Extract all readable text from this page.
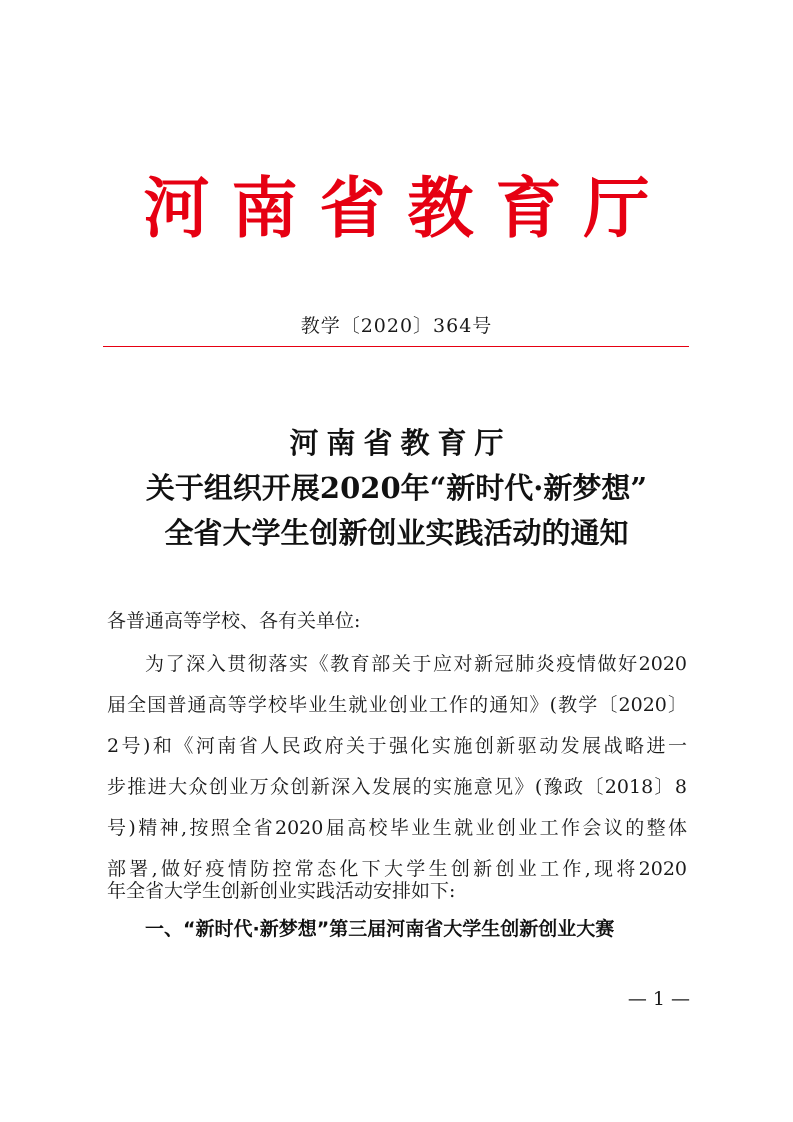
河南省教育厅
教学〔2020〕364号
河南省教育厅
关于组织开展2020年“新时代·新梦想”
全省大学生创新创业实践活动的通知
各普通高等学校、各有关单位:
为了深入贯彻落实《教育部关于应对新冠肺炎疫情做好2020
届全国普通高等学校毕业生就业创业工作的通知》(教学〔2020〕
2号)和《河南省人民政府关于强化实施创新驱动发展战略进一
步推进大众创业万众创新深入发展的实施意见》(豫政〔2018〕8
号)精神,按照全省2020届高校毕业生就业创业工作会议的整体
部署,做好疫情防控常态化下大学生创新创业工作,现将2020
年全省大学生创新创业实践活动安排如下:
一、“新时代·新梦想”第三届河南省大学生创新创业大赛
— 1 —
